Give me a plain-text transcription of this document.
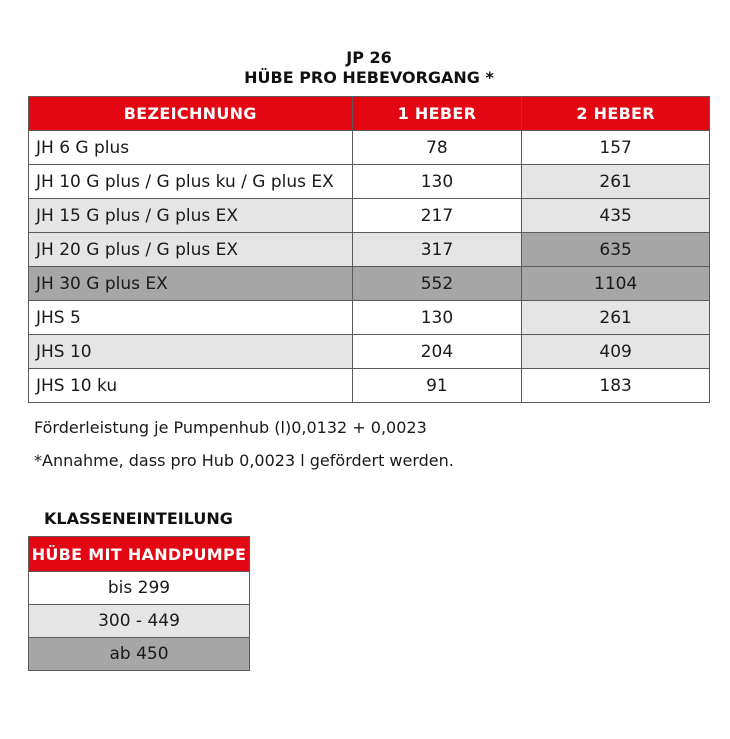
JP 26
HÜBE PRO HEBEVORGANG *
BEZEICHNUNG	1 HEBER	2 HEBER
JH 6 G plus	78	157
JH 10 G plus / G plus ku / G plus EX	130	261
JH 15 G plus / G plus EX	217	435
JH 20 G plus / G plus EX	317	635
JH 30 G plus EX	552	1104
JHS 5	130	261
JHS 10	204	409
JHS 10 ku	91	183
Förderleistung je Pumpenhub (l)0,0132 + 0,0023
*Annahme, dass pro Hub 0,0023 l gefördert werden.
KLASSENEINTEILUNG
HÜBE MIT HANDPUMPE
bis 299
300 - 449
ab 450
